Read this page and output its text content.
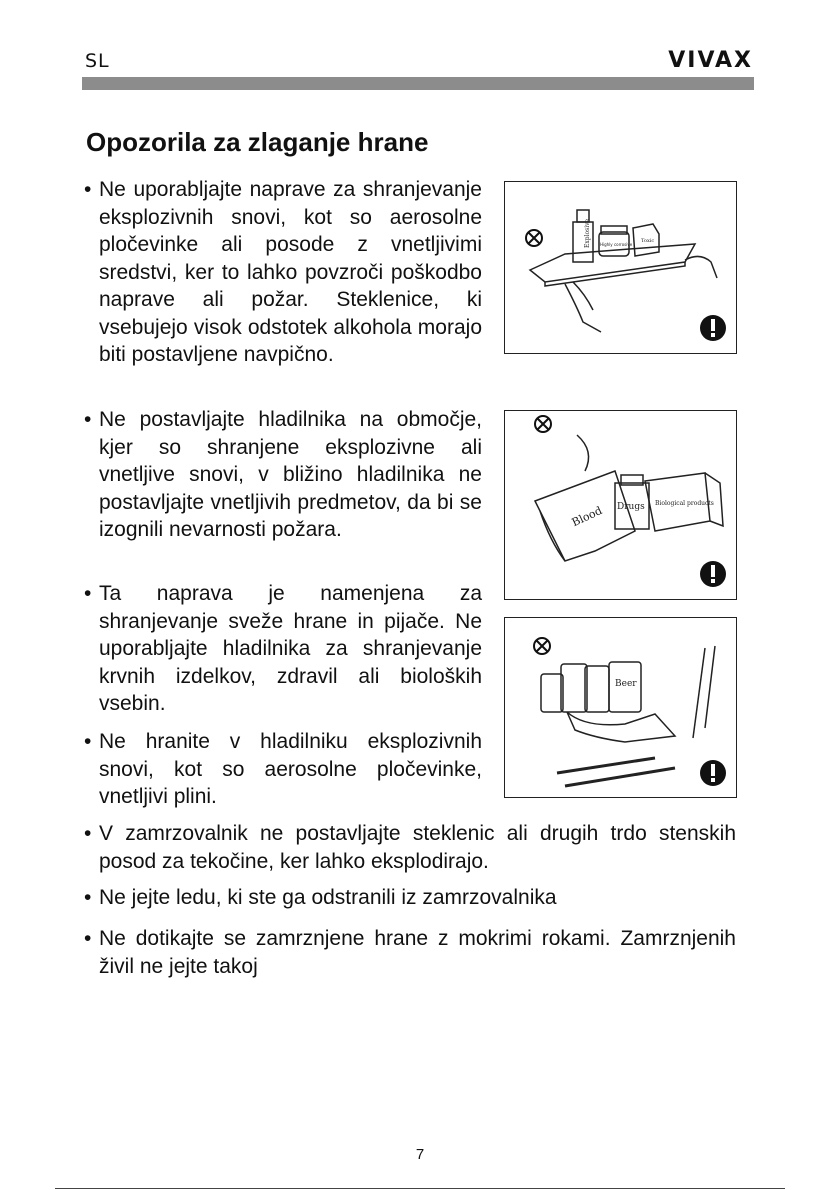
SL	VIVAX
Opozorila za zlaganje hrane
• Ne uporabljajte naprave za shranjevanje eksplozivnih snovi, kot so aerosolne pločevinke ali posode z vnetljivimi sredstvi, ker to lahko povzroči poškodbo naprave ali požar. Steklenice, ki vsebujejo visok odstotek alkohola morajo biti postavljene navpično.
• Ne postavljajte hladilnika na območje, kjer so shranjene eksplozivne ali vnetljive snovi, v bližino hladilnika ne postavljajte vnetljivih predmetov, da bi se izognili nevarnosti požara.
• Ta naprava je namenjena za shranjevanje sveže hrane in pijače. Ne uporabljajte hladilnika za shranjevanje krvnih izdelkov, zdravil ali bioloških vsebin.
• Ne hranite v hladilniku eksplozivnih snovi, kot so aerosolne pločevinke, vnetljivi plini.
• V zamrzovalnik ne postavljajte steklenic ali drugih trdo stenskih posod za tekočine, ker lahko eksplodirajo.
• Ne jejte ledu, ki ste ga odstranili iz zamrzovalnika
• Ne dotikajte se zamrznjene hrane z mokrimi rokami. Zamrznjenih živil ne jejte takoj
Explosive Highly corrosive
Toxic
Blood Drugs Biological products
Beer
7
